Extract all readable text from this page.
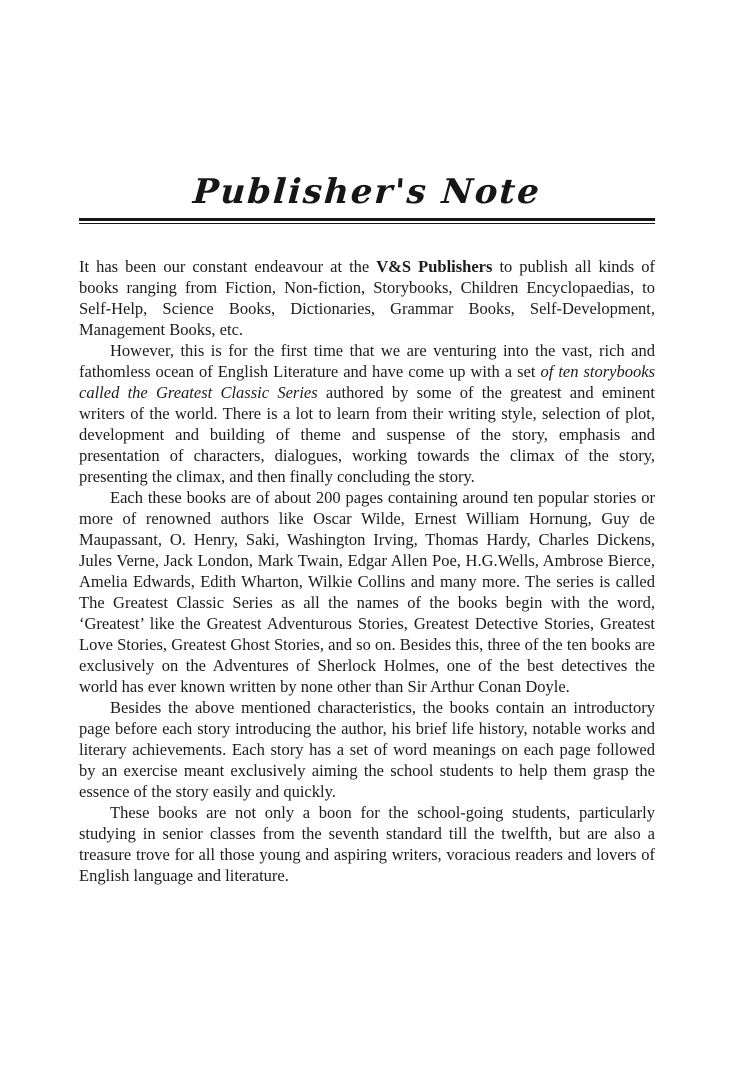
Publisher's Note

It has been our constant endeavour at the V&S Publishers to publish all kinds of books ranging from Fiction, Non-fiction, Storybooks, Children Encyclopaedias, to Self-Help, Science Books, Dictionaries, Grammar Books, Self-Development, Management Books, etc.

However, this is for the first time that we are venturing into the vast, rich and fathomless ocean of English Literature and have come up with a set of ten storybooks called the Greatest Classic Series authored by some of the greatest and eminent writers of the world. There is a lot to learn from their writing style, selection of plot, development and building of theme and suspense of the story, emphasis and presentation of characters, dialogues, working towards the climax of the story, presenting the climax, and then finally concluding the story.

Each these books are of about 200 pages containing around ten popular stories or more of renowned authors like Oscar Wilde, Ernest William Hornung, Guy de Maupassant, O. Henry, Saki, Washington Irving, Thomas Hardy, Charles Dickens, Jules Verne, Jack London, Mark Twain, Edgar Allen Poe, H.G.Wells, Ambrose Bierce, Amelia Edwards, Edith Wharton, Wilkie Collins and many more. The series is called The Greatest Classic Series as all the names of the books begin with the word, ‘Greatest’ like the Greatest Adventurous Stories, Greatest Detective Stories, Greatest Love Stories, Greatest Ghost Stories, and so on. Besides this, three of the ten books are exclusively on the Adventures of Sherlock Holmes, one of the best detectives the world has ever known written by none other than Sir Arthur Conan Doyle.

Besides the above mentioned characteristics, the books contain an introductory page before each story introducing the author, his brief life history, notable works and literary achievements. Each story has a set of word meanings on each page followed by an exercise meant exclusively aiming the school students to help them grasp the essence of the story easily and quickly.

These books are not only a boon for the school-going students, particularly studying in senior classes from the seventh standard till the twelfth, but are also a treasure trove for all those young and aspiring writers, voracious readers and lovers of English language and literature.
